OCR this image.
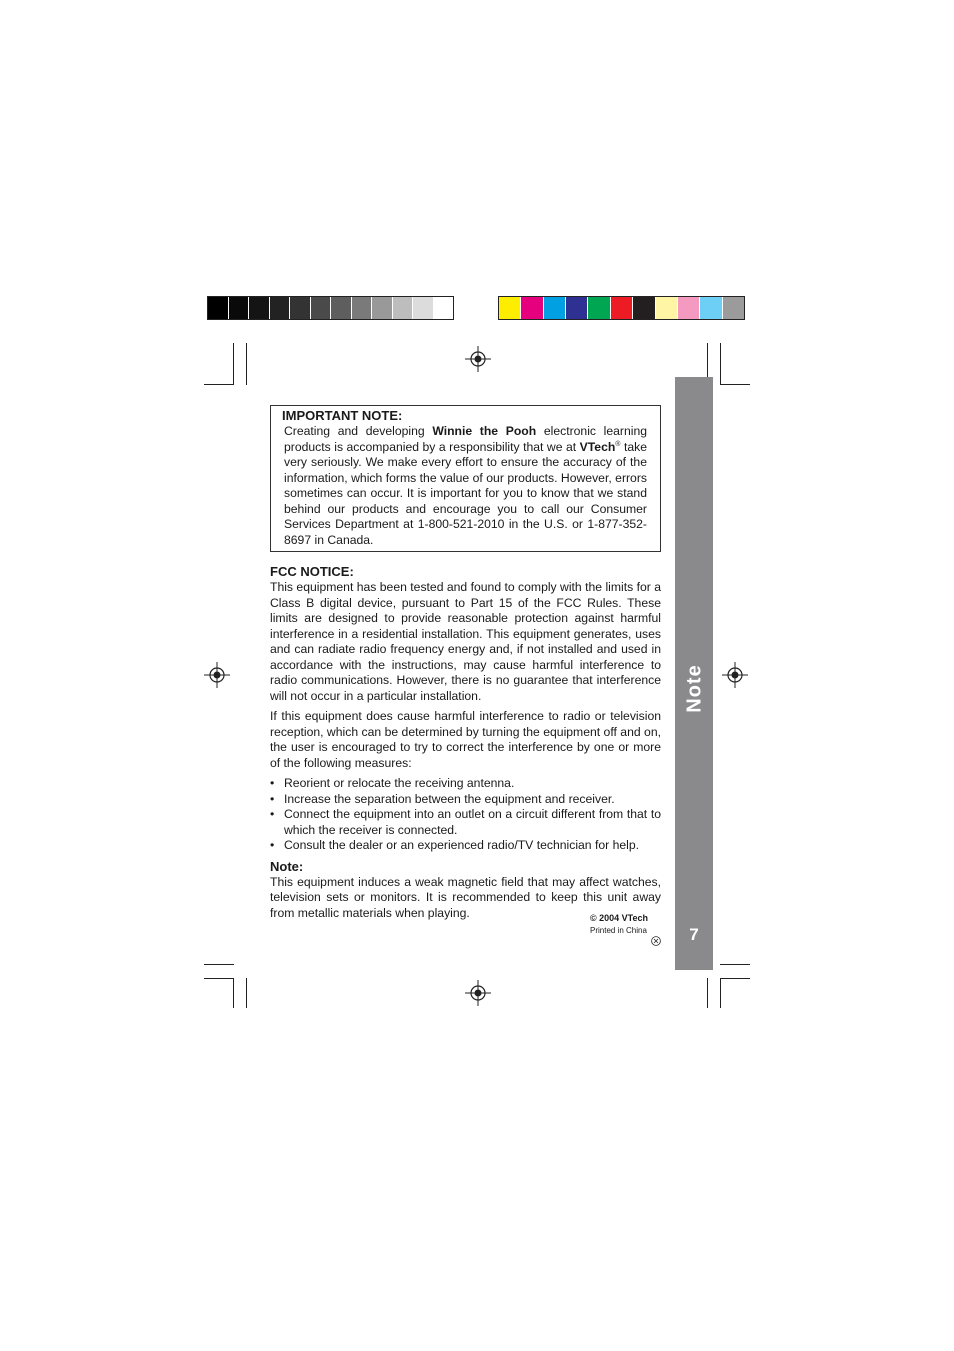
Note
7
IMPORTANT NOTE:

Creating and developing Winnie the Pooh electronic learning products is accompanied by a responsibility that we at VTech® take very seriously. We make every effort to ensure the accuracy of the information, which forms the value of our products. However, errors sometimes can occur. It is important for you to know that we stand behind our products and encourage you to call our Consumer Services Department at 1-800-521-2010 in the U.S. or 1-877-352-8697 in Canada.

FCC NOTICE:

This equipment has been tested and found to comply with the limits for a Class B digital device, pursuant to Part 15 of the FCC Rules. These limits are designed to provide reasonable protection against harmful interference in a residential installation. This equipment generates, uses and can radiate radio frequency energy and, if not installed and used in accordance with the instructions, may cause harmful interference to radio communications. However, there is no guarantee that interference will not occur in a particular installation.

If this equipment does cause harmful interference to radio or television reception, which can be determined by turning the equipment off and on, the user is encouraged to try to correct the interference by one or more of the following measures:

• Reorient or relocate the receiving antenna.
• Increase the separation between the equipment and receiver.
• Connect the equipment into an outlet on a circuit different from that to which the receiver is connected.
• Consult the dealer or an experienced radio/TV technician for help.
Note:

This equipment induces a weak magnetic field that may affect watches, television sets or monitors. It is recommended to keep this unit away from metallic materials when playing.	© 2004 VTech
Printed in China
